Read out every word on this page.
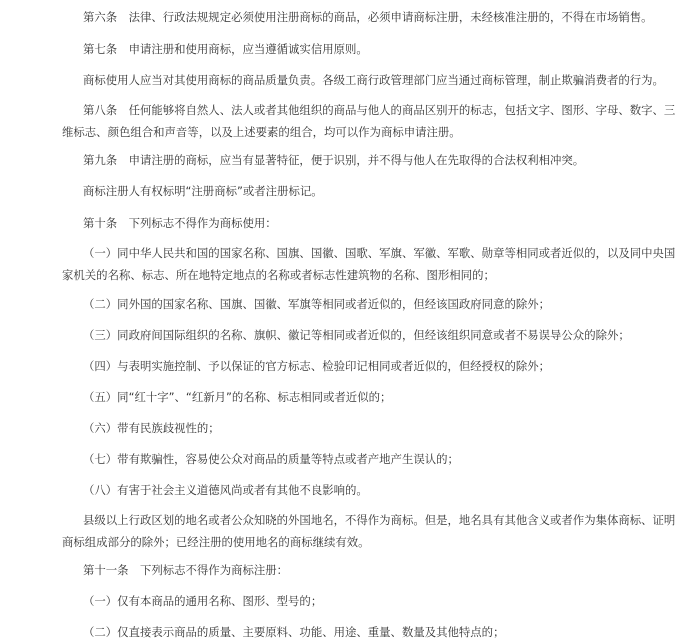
第六条　法律、行政法规规定必须使用注册商标的商品，必须申请商标注册，未经核准注册的，不得在市场销售。

第七条　申请注册和使用商标，应当遵循诚实信用原则。

商标使用人应当对其使用商标的商品质量负责。各级工商行政管理部门应当通过商标管理，制止欺骗消费者的行为。

第八条　任何能够将自然人、法人或者其他组织的商品与他人的商品区别开的标志，包括文字、图形、字母、数字、三维标志、颜色组合和声音等，以及上述要素的组合，均可以作为商标申请注册。

第九条　申请注册的商标，应当有显著特征，便于识别，并不得与他人在先取得的合法权利相冲突。

商标注册人有权标明“注册商标”或者注册标记。

第十条　下列标志不得作为商标使用：

（一）同中华人民共和国的国家名称、国旗、国徽、国歌、军旗、军徽、军歌、勋章等相同或者近似的，以及同中央国家机关的名称、标志、所在地特定地点的名称或者标志性建筑物的名称、图形相同的；

（二）同外国的国家名称、国旗、国徽、军旗等相同或者近似的，但经该国政府同意的除外；

（三）同政府间国际组织的名称、旗帜、徽记等相同或者近似的，但经该组织同意或者不易误导公众的除外；

（四）与表明实施控制、予以保证的官方标志、检验印记相同或者近似的，但经授权的除外；

（五）同“红十字”、“红新月”的名称、标志相同或者近似的；

（六）带有民族歧视性的；

（七）带有欺骗性，容易使公众对商品的质量等特点或者产地产生误认的；

（八）有害于社会主义道德风尚或者有其他不良影响的。

县级以上行政区划的地名或者公众知晓的外国地名，不得作为商标。但是，地名具有其他含义或者作为集体商标、证明商标组成部分的除外；已经注册的使用地名的商标继续有效。

第十一条　下列标志不得作为商标注册：

（一）仅有本商品的通用名称、图形、型号的；

（二）仅直接表示商品的质量、主要原料、功能、用途、重量、数量及其他特点的；
